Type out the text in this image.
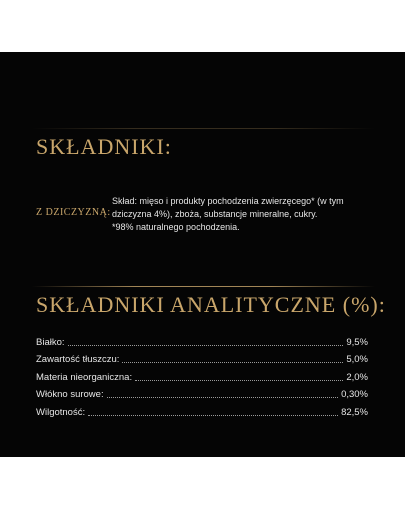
SKŁADNIKI:
Z DZICZYZNĄ:

Skład: mięso i produkty pochodzenia zwierzęcego* (w tym dziczyzna 4%), zboża, substancje mineralne, cukry.

*98% naturalnego pochodzenia.

SKŁADNIKI ANALITYCZNE (%):
Białko:	9,5%
Zawartość tłuszczu:	5,0%
Materia nieorganiczna:	2,0%
Włókno surowe:	0,30%
Wilgotność:	82,5%
